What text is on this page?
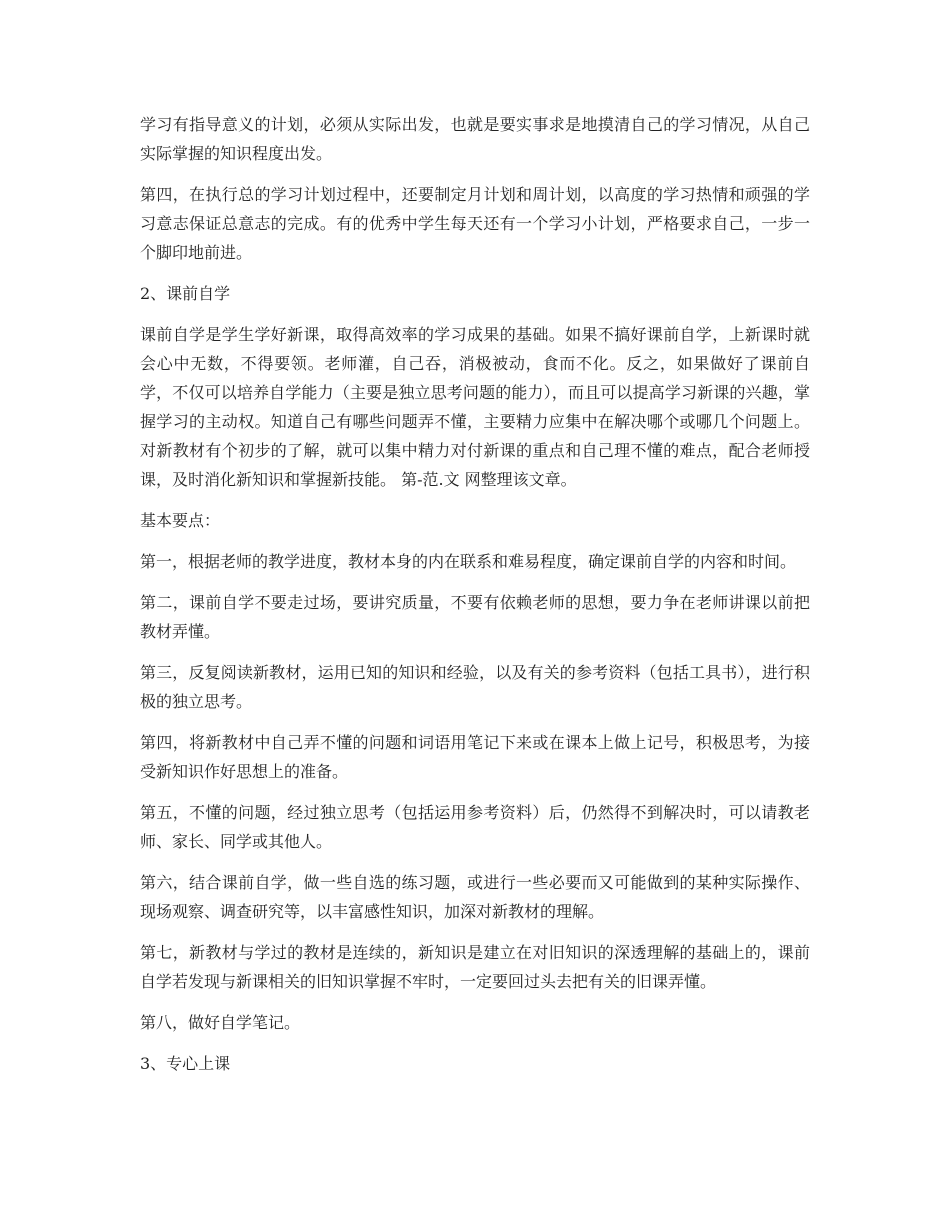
学习有指导意义的计划，必须从实际出发，也就是要实事求是地摸清自己的学习情况，从自己实际掌握的知识程度出发。

第四，在执行总的学习计划过程中，还要制定月计划和周计划，以高度的学习热情和顽强的学习意志保证总意志的完成。有的优秀中学生每天还有一个学习小计划，严格要求自己，一步一个脚印地前进。

2、课前自学

课前自学是学生学好新课，取得高效率的学习成果的基础。如果不搞好课前自学，上新课时就会心中无数，不得要领。老师灌，自己吞，消极被动，食而不化。反之，如果做好了课前自学，不仅可以培养自学能力（主要是独立思考问题的能力），而且可以提高学习新课的兴趣，掌握学习的主动权。知道自己有哪些问题弄不懂，主要精力应集中在解决哪个或哪几个问题上。对新教材有个初步的了解，就可以集中精力对付新课的重点和自己理不懂的难点，配合老师授课，及时消化新知识和掌握新技能。 第-范.文 网整理该文章。

基本要点：

第一，根据老师的教学进度，教材本身的内在联系和难易程度，确定课前自学的内容和时间。

第二，课前自学不要走过场，要讲究质量，不要有依赖老师的思想，要力争在老师讲课以前把教材弄懂。

第三，反复阅读新教材，运用已知的知识和经验，以及有关的参考资料（包括工具书），进行积极的独立思考。

第四，将新教材中自己弄不懂的问题和词语用笔记下来或在课本上做上记号，积极思考，为接受新知识作好思想上的准备。

第五，不懂的问题，经过独立思考（包括运用参考资料）后，仍然得不到解决时，可以请教老师、家长、同学或其他人。

第六，结合课前自学，做一些自选的练习题，或进行一些必要而又可能做到的某种实际操作、现场观察、调查研究等，以丰富感性知识，加深对新教材的理解。

第七，新教材与学过的教材是连续的，新知识是建立在对旧知识的深透理解的基础上的，课前自学若发现与新课相关的旧知识掌握不牢时，一定要回过头去把有关的旧课弄懂。

第八，做好自学笔记。

3、专心上课
